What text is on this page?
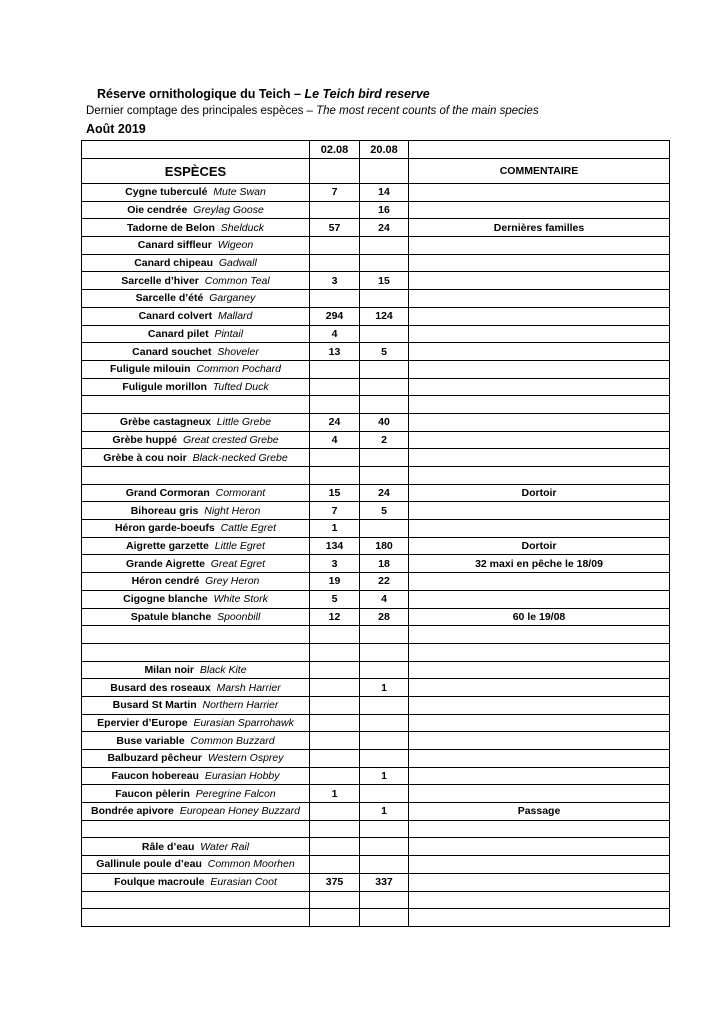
Réserve ornithologique du Teich – Le Teich bird reserve
Dernier comptage des principales espèces – The most recent counts of the main species
Août 2019
	02.08	20.08	
ESPÈCES			COMMENTAIRE
Cygne tuberculé Mute Swan	7	14	
Oie cendrée Greylag Goose		16	
Tadorne de Belon Shelduck	57	24	Dernières familles
Canard siffleur Wigeon			
Canard chipeau Gadwall			
Sarcelle d’hiver Common Teal	3	15	
Sarcelle d’été Garganey			
Canard colvert Mallard	294	124	
Canard pilet Pintail	4		
Canard souchet Shoveler	13	5	
Fuligule milouin Common Pochard			
Fuligule morillon Tufted Duck			

Grèbe castagneux Little Grebe	24	40	
Grèbe huppé Great crested Grebe	4	2	
Grèbe à cou noir Black-necked Grebe			

Grand Cormoran Cormorant	15	24	Dortoir
Bihoreau gris Night Heron	7	5	
Héron garde-boeufs Cattle Egret	1		
Aigrette garzette Little Egret	134	180	Dortoir
Grande Aigrette Great Egret	3	18	32 maxi en pêche le 18/09
Héron cendré Grey Heron	19	22	
Cigogne blanche White Stork	5	4	
Spatule blanche Spoonbill	12	28	60 le 19/08

Milan noir Black Kite			
Busard des roseaux Marsh Harrier		1	
Busard St Martin Northern Harrier			
Epervier d’Europe Eurasian Sparrohawk			
Buse variable Common Buzzard			
Balbuzard pêcheur Western Osprey			
Faucon hobereau Eurasian Hobby		1	
Faucon pèlerin Peregrine Falcon	1		
Bondrée apivore European Honey Buzzard		1	Passage

Râle d’eau Water Rail			
Gallinule poule d’eau Common Moorhen			
Foulque macroule Eurasian Coot	375	337	
